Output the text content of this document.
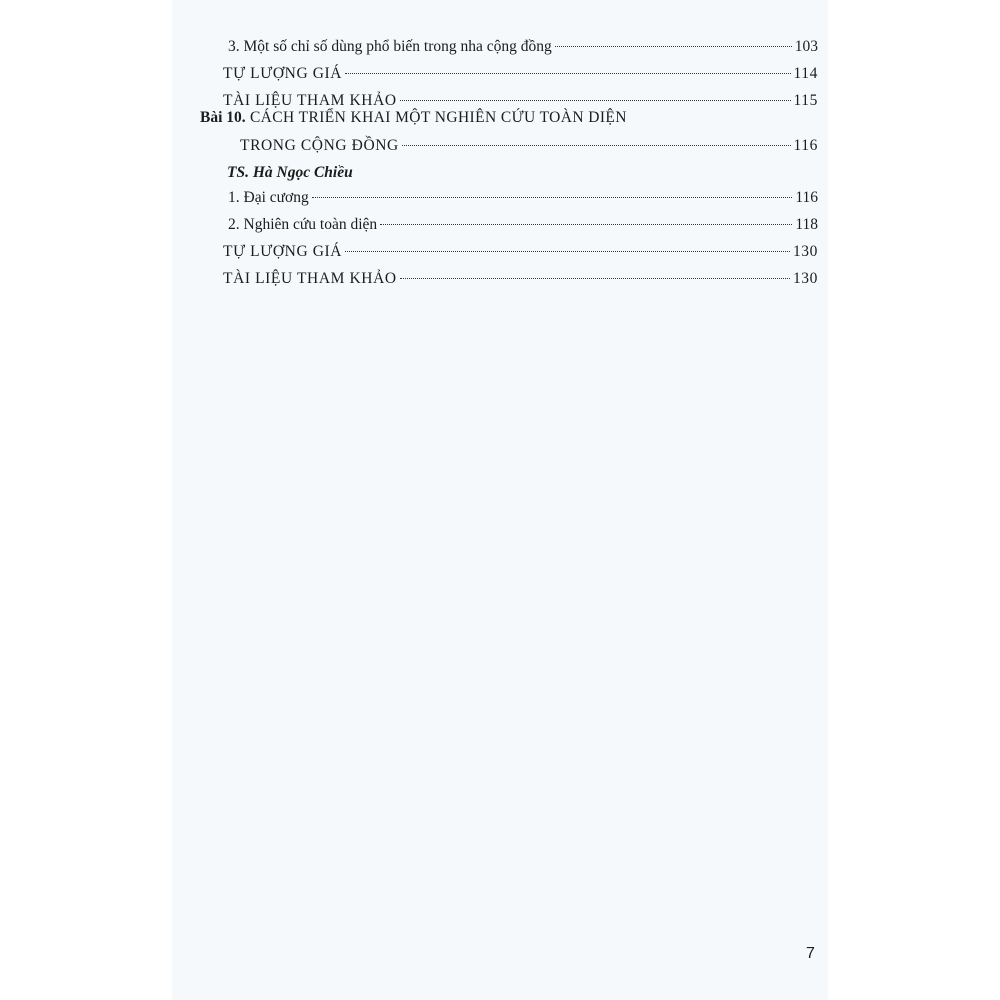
3. Một số chỉ số dùng phổ biến trong nha cộng đồng	103
TỰ LƯỢNG GIÁ	114
TÀI LIỆU THAM KHẢO	115
Bài 10. CÁCH TRIỂN KHAI MỘT NGHIÊN CỨU TOÀN DIỆN
TRONG CỘNG ĐỒNG	116
TS. Hà Ngọc Chiều
1. Đại cương	116
2. Nghiên cứu toàn diện	118
TỰ LƯỢNG GIÁ	130
TÀI LIỆU THAM KHẢO	130
7
